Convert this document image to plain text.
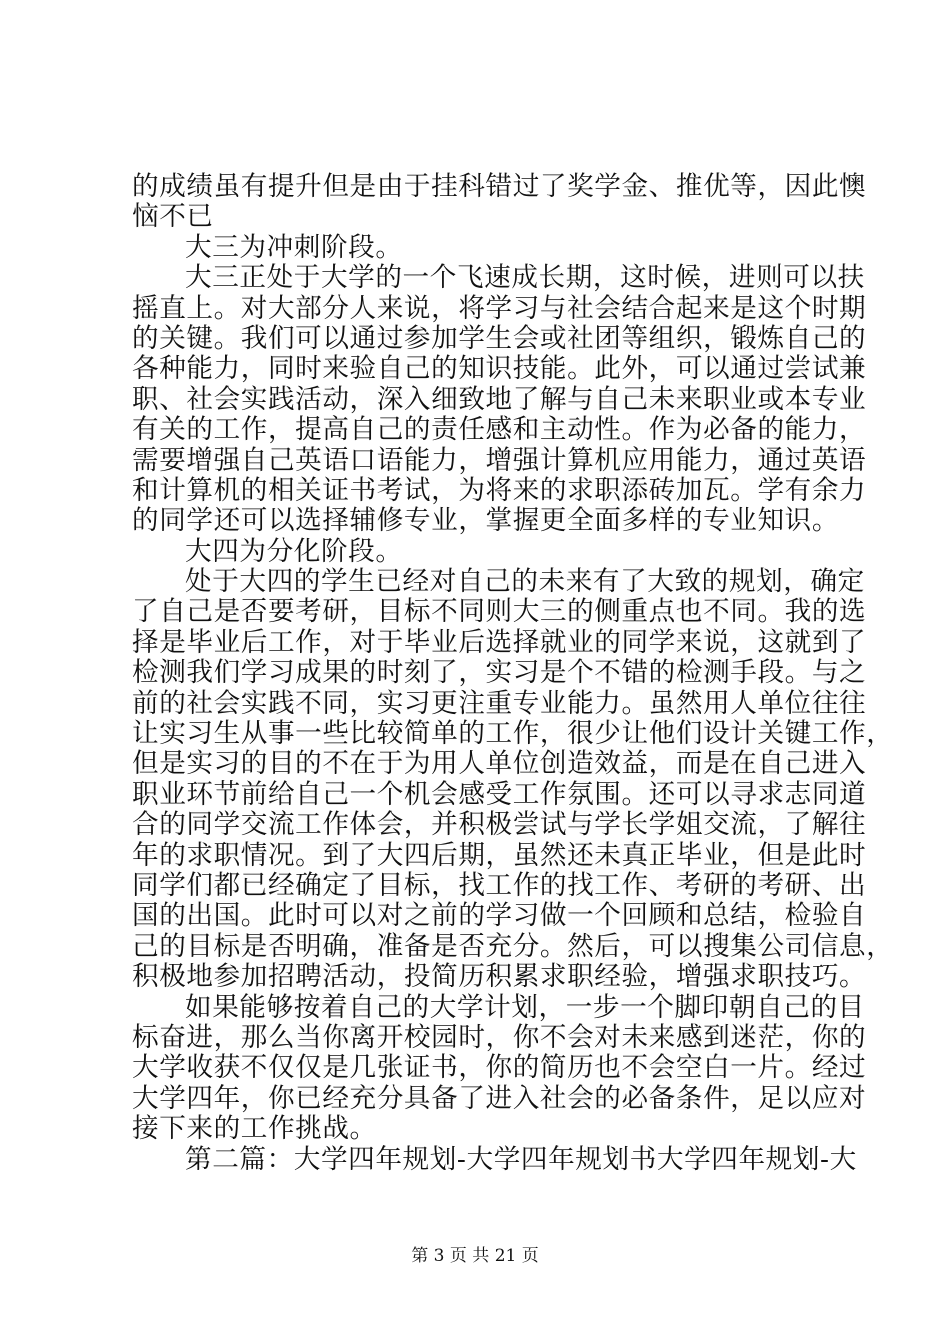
的成绩虽有提升但是由于挂科错过了奖学金、推优等，因此懊
恼不已
大三为冲刺阶段。
大三正处于大学的一个飞速成长期，这时候，进则可以扶
摇直上。对大部分人来说，将学习与社会结合起来是这个时期
的关键。我们可以通过参加学生会或社团等组织，锻炼自己的
各种能力，同时来验自己的知识技能。此外，可以通过尝试兼
职、社会实践活动，深入细致地了解与自己未来职业或本专业
有关的工作，提高自己的责任感和主动性。作为必备的能力，
需要增强自己英语口语能力，增强计算机应用能力，通过英语
和计算机的相关证书考试，为将来的求职添砖加瓦。学有余力
的同学还可以选择辅修专业，掌握更全面多样的专业知识。
大四为分化阶段。
处于大四的学生已经对自己的未来有了大致的规划，确定
了自己是否要考研，目标不同则大三的侧重点也不同。我的选
择是毕业后工作，对于毕业后选择就业的同学来说，这就到了
检测我们学习成果的时刻了，实习是个不错的检测手段。与之
前的社会实践不同，实习更注重专业能力。虽然用人单位往往
让实习生从事一些比较简单的工作，很少让他们设计关键工作，
但是实习的目的不在于为用人单位创造效益，而是在自己进入
职业环节前给自己一个机会感受工作氛围。还可以寻求志同道
合的同学交流工作体会，并积极尝试与学长学姐交流，了解往
年的求职情况。到了大四后期，虽然还未真正毕业，但是此时
同学们都已经确定了目标，找工作的找工作、考研的考研、出
国的出国。此时可以对之前的学习做一个回顾和总结，检验自
己的目标是否明确，准备是否充分。然后，可以搜集公司信息，
积极地参加招聘活动，投简历积累求职经验，增强求职技巧。
如果能够按着自己的大学计划，一步一个脚印朝自己的目
标奋进，那么当你离开校园时，你不会对未来感到迷茫，你的
大学收获不仅仅是几张证书，你的简历也不会空白一片。经过
大学四年，你已经充分具备了进入社会的必备条件，足以应对
接下来的工作挑战。
第二篇：大学四年规划-大学四年规划书大学四年规划-大
第 3 页 共 21 页
